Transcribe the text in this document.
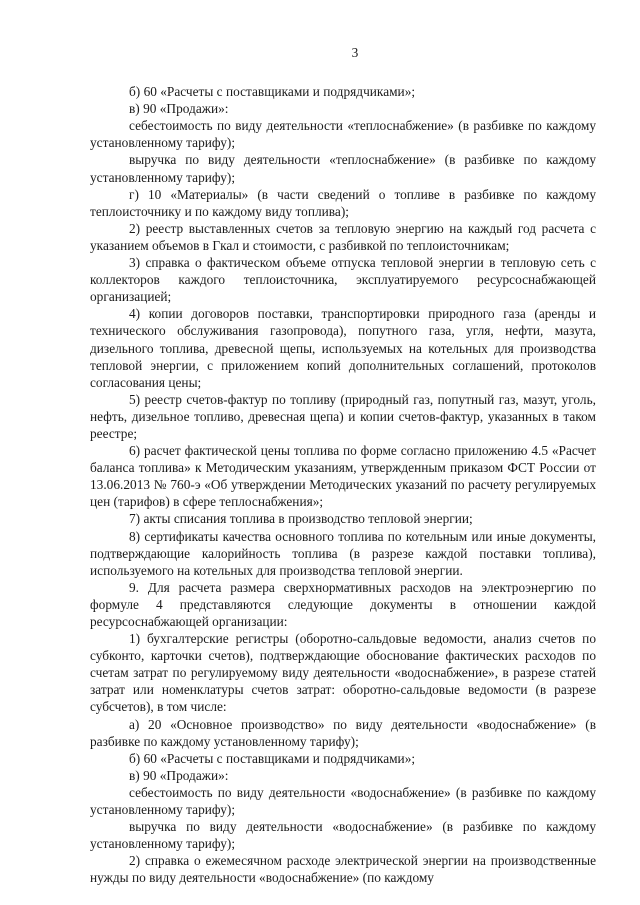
3

б) 60 «Расчеты с поставщиками и подрядчиками»;

в) 90 «Продажи»:

себестоимость по виду деятельности «теплоснабжение» (в разбивке по каждому установленному тарифу);

выручка по виду деятельности «теплоснабжение» (в разбивке по каждому установленному тарифу);

г) 10 «Материалы» (в части сведений о топливе в разбивке по каждому теплоисточнику и по каждому виду топлива);

2) реестр выставленных счетов за тепловую энергию на каждый год расчета с указанием объемов в Гкал и стоимости, с разбивкой по теплоисточникам;

3) справка о фактическом объеме отпуска тепловой энергии в тепловую сеть с коллекторов каждого теплоисточника, эксплуатируемого ресурсоснабжающей организацией;

4) копии договоров поставки, транспортировки природного газа (аренды и технического обслуживания газопровода), попутного газа, угля, нефти, мазута, дизельного топлива, древесной щепы, используемых на котельных для производства тепловой энергии, с приложением копий дополнительных соглашений, протоколов согласования цены;

5) реестр счетов-фактур по топливу (природный газ, попутный газ, мазут, уголь, нефть, дизельное топливо, древесная щепа) и копии счетов-фактур, указанных в таком реестре;

6) расчет фактической цены топлива по форме согласно приложению 4.5 «Расчет баланса топлива» к Методическим указаниям, утвержденным приказом ФСТ России от 13.06.2013 № 760-э «Об утверждении Методических указаний по расчету регулируемых цен (тарифов) в сфере теплоснабжения»;

7) акты списания топлива в производство тепловой энергии;

8) сертификаты качества основного топлива по котельным или иные документы, подтверждающие калорийность топлива (в разрезе каждой поставки топлива), используемого на котельных для производства тепловой энергии.

9. Для расчета размера сверхнормативных расходов на электроэнергию по формуле 4 представляются следующие документы в отношении каждой ресурсоснабжающей организации:

1) бухгалтерские регистры (оборотно-сальдовые ведомости, анализ счетов по субконто, карточки счетов), подтверждающие обоснование фактических расходов по счетам затрат по регулируемому виду деятельности «водоснабжение», в разрезе статей затрат или номенклатуры счетов затрат: оборотно-сальдовые ведомости (в разрезе субсчетов), в том числе:

а) 20 «Основное производство» по виду деятельности «водоснабжение» (в разбивке по каждому установленному тарифу);

б) 60 «Расчеты с поставщиками и подрядчиками»;

в) 90 «Продажи»:

себестоимость по виду деятельности «водоснабжение» (в разбивке по каждому установленному тарифу);

выручка по виду деятельности «водоснабжение» (в разбивке по каждому установленному тарифу);

2) справка о ежемесячном расходе электрической энергии на производственные нужды по виду деятельности «водоснабжение» (по каждому
